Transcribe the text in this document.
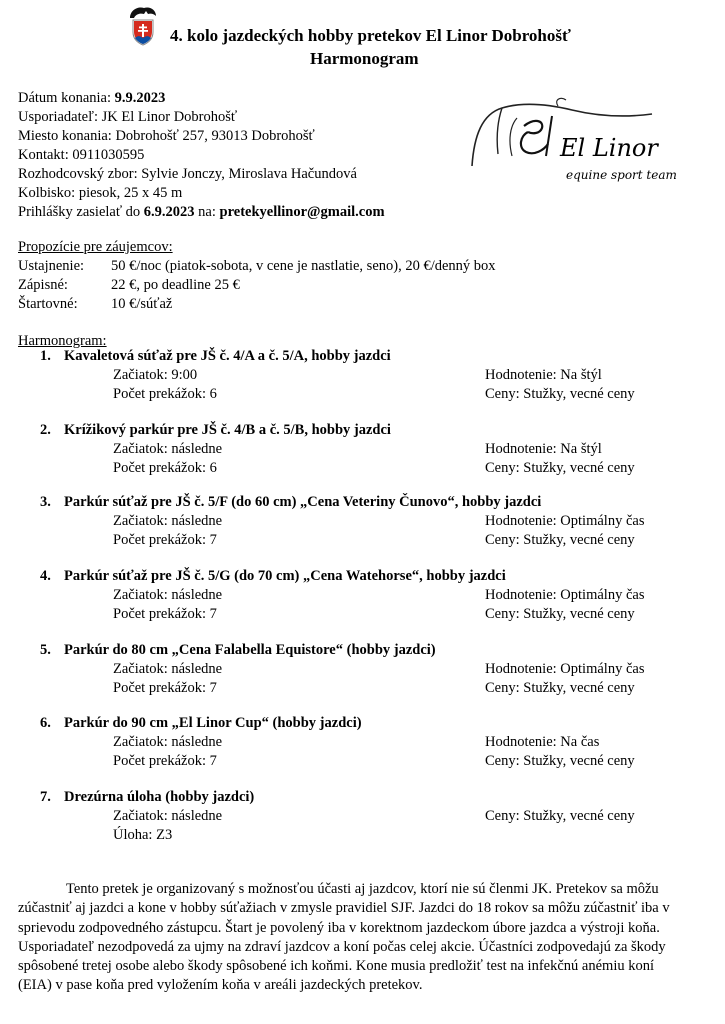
4. kolo jazdeckých hobby pretekov El Linor Dobrohošť
Harmonogram
El Linor
equine sport team
Dátum konania: 9.9.2023
Usporiadateľ: JK El Linor Dobrohošť
Miesto konania: Dobrohošť 257, 93013 Dobrohošť
Kontakt: 0911030595
Rozhodcovský zbor: Sylvie Jonczy, Miroslava Hačundová
Kolbisko: piesok, 25 x 45 m
Prihlášky zasielať do 6.9.2023 na: pretekyellinor@gmail.com
Propozície pre záujemcov:
Ustajnenie: 50 €/noc (piatok-sobota, v cene je nastlatie, seno), 20 €/denný box
Zápisné:	22 €, po deadline 25 €
Štartovné: 10 €/súťaž
Harmonogram:
1. Kavaletová súťaž pre JŠ č. 4/A a č. 5/A, hobby jazdci
Začiatok: 9:00
Počet prekážok: 6
Hodnotenie: Na štýl
Ceny: Stužky, vecné ceny
2. Krížikový parkúr pre JŠ č. 4/B a č. 5/B, hobby jazdci
Začiatok: následne
Počet prekážok: 6
Hodnotenie: Na štýl
Ceny: Stužky, vecné ceny
3. Parkúr súťaž pre JŠ č. 5/F (do 60 cm) „Cena Veteriny Čunovo“, hobby jazdci
Začiatok: následne
Počet prekážok: 7
Hodnotenie: Optimálny čas
Ceny: Stužky, vecné ceny
4. Parkúr súťaž pre JŠ č. 5/G (do 70 cm) „Cena Watehorse“, hobby jazdci
Začiatok: následne
Počet prekážok: 7
Hodnotenie: Optimálny čas
Ceny: Stužky, vecné ceny
5. Parkúr do 80 cm „Cena Falabella Equistore“ (hobby jazdci)
Začiatok: následne
Počet prekážok: 7
Hodnotenie: Optimálny čas
Ceny: Stužky, vecné ceny
6. Parkúr do 90 cm „El Linor Cup“ (hobby jazdci)
Začiatok: následne
Počet prekážok: 7
Hodnotenie: Na čas
Ceny: Stužky, vecné ceny
7. Drezúrna úloha (hobby jazdci)
Začiatok: následne
Úloha: Z3
Ceny: Stužky, vecné ceny
Tento pretek je organizovaný s možnosťou účasti aj jazdcov, ktorí nie sú členmi JK. Pretekov sa môžu zúčastniť aj jazdci a kone v hobby súťažiach v zmysle pravidiel SJF. Jazdci do 18 rokov sa môžu zúčastniť iba v sprievodu zodpovedného zástupcu. Štart je povolený iba v korektnom jazdeckom úbore jazdca a výstroji koňa. Usporiadateľ nezodpovedá za ujmy na zdraví jazdcov a koní počas celej akcie. Účastníci zodpovedajú za škody spôsobené tretej osobe alebo škody spôsobené ich koňmi. Kone musia predložiť test na infekčnú anémiu koní (EIA) v pase koňa pred vyložením koňa v areáli jazdeckých pretekov.
